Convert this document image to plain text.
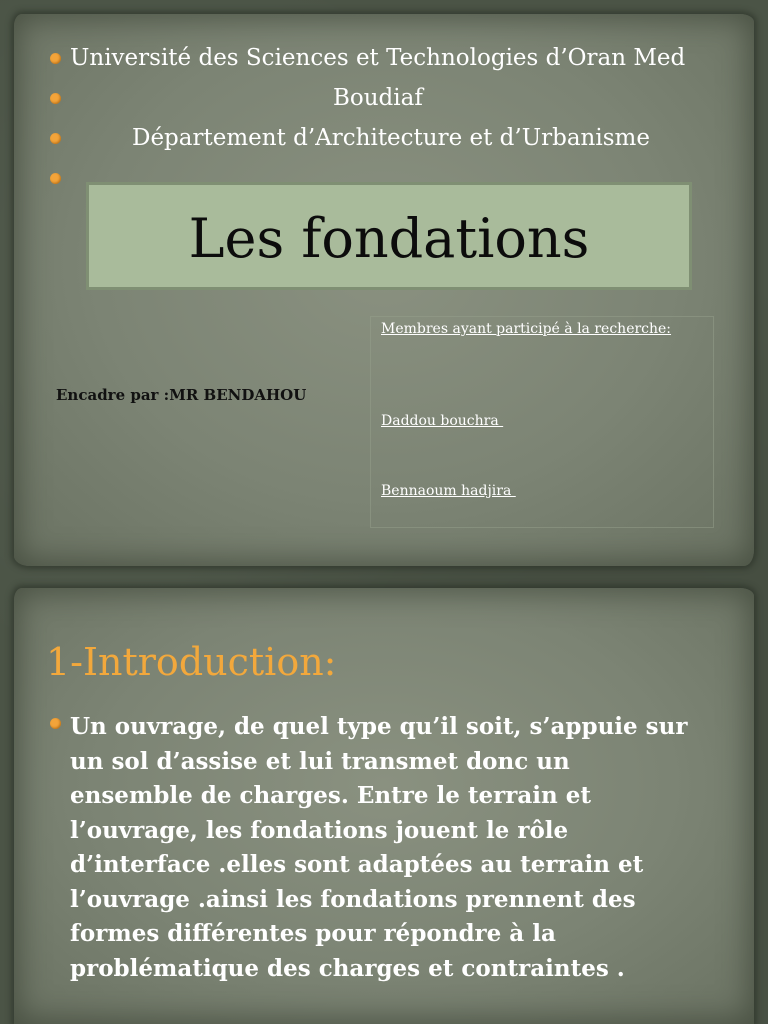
Université des Sciences et Technologies d’Oran Med
Boudiaf
Département d’Architecture et d’Urbanisme
Les fondations
Encadre par :MR BENDAHOU
Membres ayant participé à la recherche:
Daddou bouchra
Bennaoum hadjira
1-Introduction:

Un ouvrage, de quel type qu’il soit, s’appuie sur un sol d’assise et lui transmet donc un ensemble de charges. Entre le terrain et l’ouvrage, les fondations jouent le rôle d’interface .elles sont adaptées au terrain et l’ouvrage .ainsi les fondations prennent des formes différentes pour répondre à la problématique des charges et contraintes .
